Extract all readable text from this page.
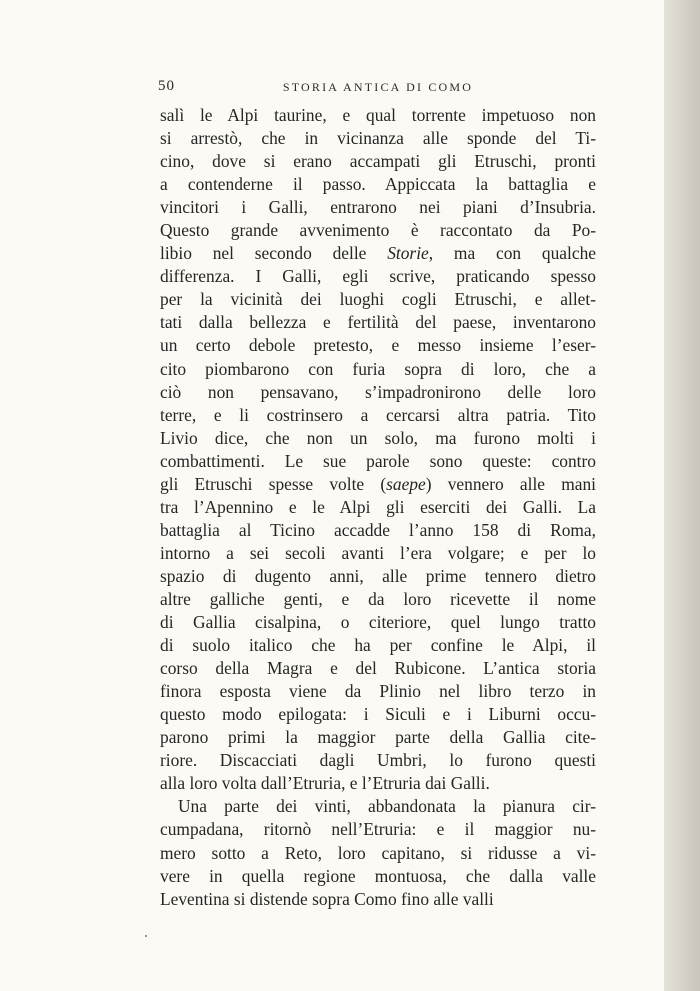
50	STORIA ANTICA DI COMO
salì le Alpi taurine, e qual torrente impetuoso non
si arrestò, che in vicinanza alle sponde del Ti-
cino, dove si erano accampati gli Etruschi, pronti
a contenderne il passo. Appiccata la battaglia e
vincitori i Galli, entrarono nei piani d’Insubria.
Questo grande avvenimento è raccontato da Po-
libio nel secondo delle Storie, ma con qualche
differenza. I Galli, egli scrive, praticando spesso
per la vicinità dei luoghi cogli Etruschi, e allet-
tati dalla bellezza e fertilità del paese, inventarono
un certo debole pretesto, e messo insieme l’eser-
cito piombarono con furia sopra di loro, che a
ciò non pensavano, s’impadronirono delle loro
terre, e li costrinsero a cercarsi altra patria. Tito
Livio dice, che non un solo, ma furono molti i
combattimenti. Le sue parole sono queste: contro
gli Etruschi spesse volte (saepe) vennero alle mani
tra l’Apennino e le Alpi gli eserciti dei Galli. La
battaglia al Ticino accadde l’anno 158 di Roma,
intorno a sei secoli avanti l’era volgare; e per lo
spazio di dugento anni, alle prime tennero dietro
altre galliche genti, e da loro ricevette il nome
di Gallia cisalpina, o citeriore, quel lungo tratto
di suolo italico che ha per confine le Alpi, il
corso della Magra e del Rubicone. L’antica storia
finora esposta viene da Plinio nel libro terzo in
questo modo epilogata: i Siculi e i Liburni occu-
parono primi la maggior parte della Gallia cite-
riore. Discacciati dagli Umbri, lo furono questi
alla loro volta dall’Etruria, e l’Etruria dai Galli.
Una parte dei vinti, abbandonata la pianura cir-
cumpadana, ritornò nell’Etruria: e il maggior nu-
mero sotto a Reto, loro capitano, si ridusse a vi-
vere in quella regione montuosa, che dalla valle
Leventina si distende sopra Como fino alle valli
